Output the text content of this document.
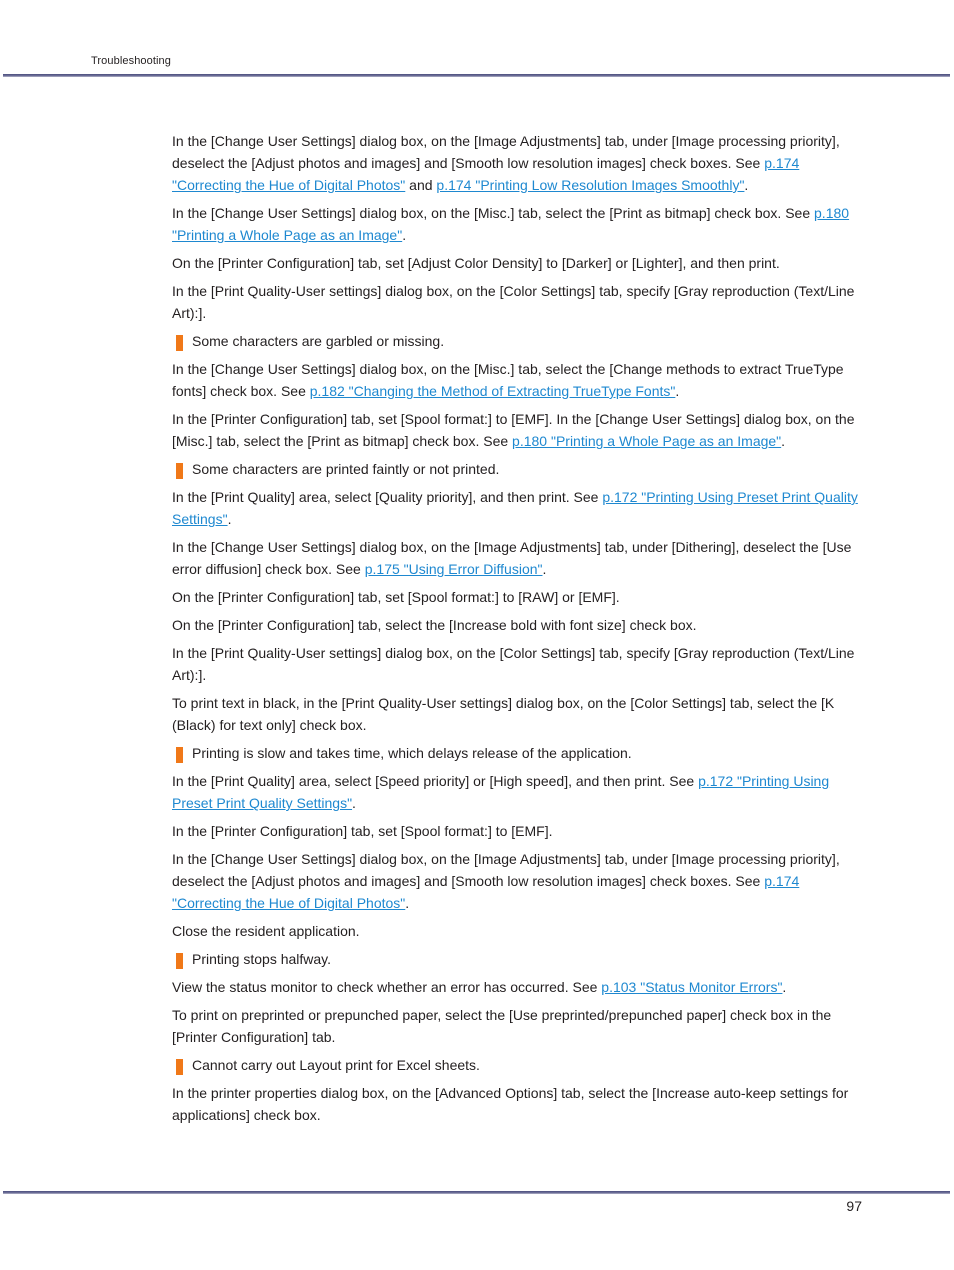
Troubleshooting

In the [Change User Settings] dialog box, on the [Image Adjustments] tab, under [Image processing priority], deselect the [Adjust photos and images] and [Smooth low resolution images] check boxes. See p.174 "Correcting the Hue of Digital Photos" and p.174 "Printing Low Resolution Images Smoothly".

In the [Change User Settings] dialog box, on the [Misc.] tab, select the [Print as bitmap] check box. See p.180 "Printing a Whole Page as an Image".

On the [Printer Configuration] tab, set [Adjust Color Density] to [Darker] or [Lighter], and then print.

In the [Print Quality-User settings] dialog box, on the [Color Settings] tab, specify [Gray reproduction (Text/Line Art):].

Some characters are garbled or missing.

In the [Change User Settings] dialog box, on the [Misc.] tab, select the [Change methods to extract TrueType fonts] check box. See p.182 "Changing the Method of Extracting TrueType Fonts".

In the [Printer Configuration] tab, set [Spool format:] to [EMF]. In the [Change User Settings] dialog box, on the [Misc.] tab, select the [Print as bitmap] check box. See p.180 "Printing a Whole Page as an Image".

Some characters are printed faintly or not printed.

In the [Print Quality] area, select [Quality priority], and then print. See p.172 "Printing Using Preset Print Quality Settings".

In the [Change User Settings] dialog box, on the [Image Adjustments] tab, under [Dithering], deselect the [Use error diffusion] check box. See p.175 "Using Error Diffusion".

On the [Printer Configuration] tab, set [Spool format:] to [RAW] or [EMF].

On the [Printer Configuration] tab, select the [Increase bold with font size] check box.

In the [Print Quality-User settings] dialog box, on the [Color Settings] tab, specify [Gray reproduction (Text/Line Art):].

To print text in black, in the [Print Quality-User settings] dialog box, on the [Color Settings] tab, select the [K (Black) for text only] check box.

Printing is slow and takes time, which delays release of the application.

In the [Print Quality] area, select [Speed priority] or [High speed], and then print. See p.172 "Printing Using Preset Print Quality Settings".

In the [Printer Configuration] tab, set [Spool format:] to [EMF].

In the [Change User Settings] dialog box, on the [Image Adjustments] tab, under [Image processing priority], deselect the [Adjust photos and images] and [Smooth low resolution images] check boxes. See p.174 "Correcting the Hue of Digital Photos".

Close the resident application.

Printing stops halfway.

View the status monitor to check whether an error has occurred. See p.103 "Status Monitor Errors".

To print on preprinted or prepunched paper, select the [Use preprinted/prepunched paper] check box in the [Printer Configuration] tab.

Cannot carry out Layout print for Excel sheets.

In the printer properties dialog box, on the [Advanced Options] tab, select the [Increase auto-keep settings for applications] check box.

97
